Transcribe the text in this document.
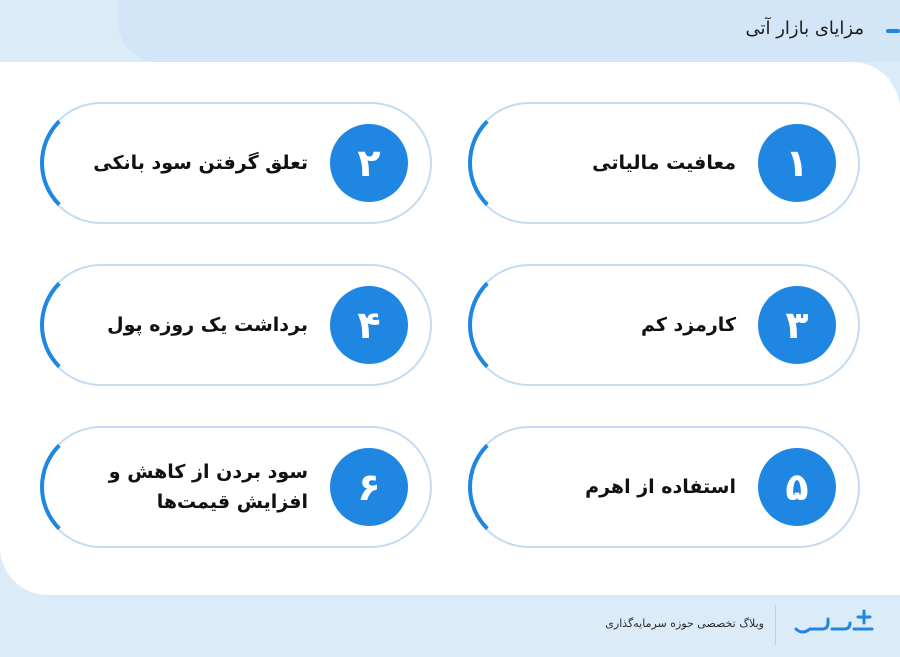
مزایای بازار آتی
۱
معافیت مالیاتی
۲
تعلق گرفتن سود بانکی
۳
کارمزد کم
۴
برداشت یک روزه پول
۵
استفاده از اهرم
۶
سود بردن از کاهش و افزایش قیمت‌ها
وبلاگ تخصصی حوزه سرمایه‌گذاری
